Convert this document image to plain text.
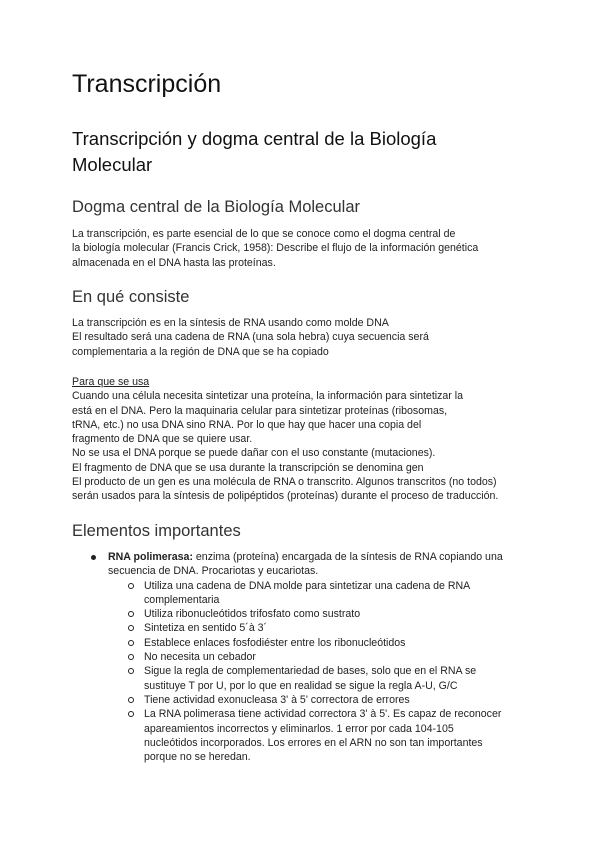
Transcripción
Transcripción y dogma central de la Biología
Molecular
Dogma central de la Biología Molecular
La transcripción, es parte esencial de lo que se conoce como el dogma central de
la biología molecular (Francis Crick, 1958): Describe el flujo de la información genética
almacenada en el DNA hasta las proteínas.
En qué consiste
La transcripción es en la síntesis de RNA usando como molde DNA
El resultado será una cadena de RNA (una sola hebra) cuya secuencia será
complementaria a la región de DNA que se ha copiado
Para que se usa
Cuando una célula necesita sintetizar una proteína, la información para sintetizar la
está en el DNA. Pero la maquinaria celular para sintetizar proteínas (ribosomas,
tRNA, etc.) no usa DNA sino RNA. Por lo que hay que hacer una copia del
fragmento de DNA que se quiere usar.
No se usa el DNA porque se puede dañar con el uso constante (mutaciones).
El fragmento de DNA que se usa durante la transcripción se denomina gen
El producto de un gen es una molécula de RNA o transcrito. Algunos transcritos (no todos)
serán usados para la síntesis de polipéptidos (proteínas) durante el proceso de traducción.
Elementos importantes
RNA polimerasa: enzima (proteína) encargada de la síntesis de RNA copiando una
secuencia de DNA. Procariotas y eucariotas.
Utiliza una cadena de DNA molde para sintetizar una cadena de RNA
complementaria
Utiliza ribonucleótidos trifosfato como sustrato
Sintetiza en sentido 5´à 3´
Establece enlaces fosfodiéster entre los ribonucleótidos
No necesita un cebador
Sigue la regla de complementariedad de bases, solo que en el RNA se
sustituye T por U, por lo que en realidad se sigue la regla A-U, G/C
Tiene actividad exonucleasa 3' à 5' correctora de errores
La RNA polimerasa tiene actividad correctora 3' à 5'. Es capaz de reconocer
apareamientos incorrectos y eliminarlos. 1 error por cada 104-105
nucleótidos incorporados. Los errores en el ARN no son tan importantes
porque no se heredan.
